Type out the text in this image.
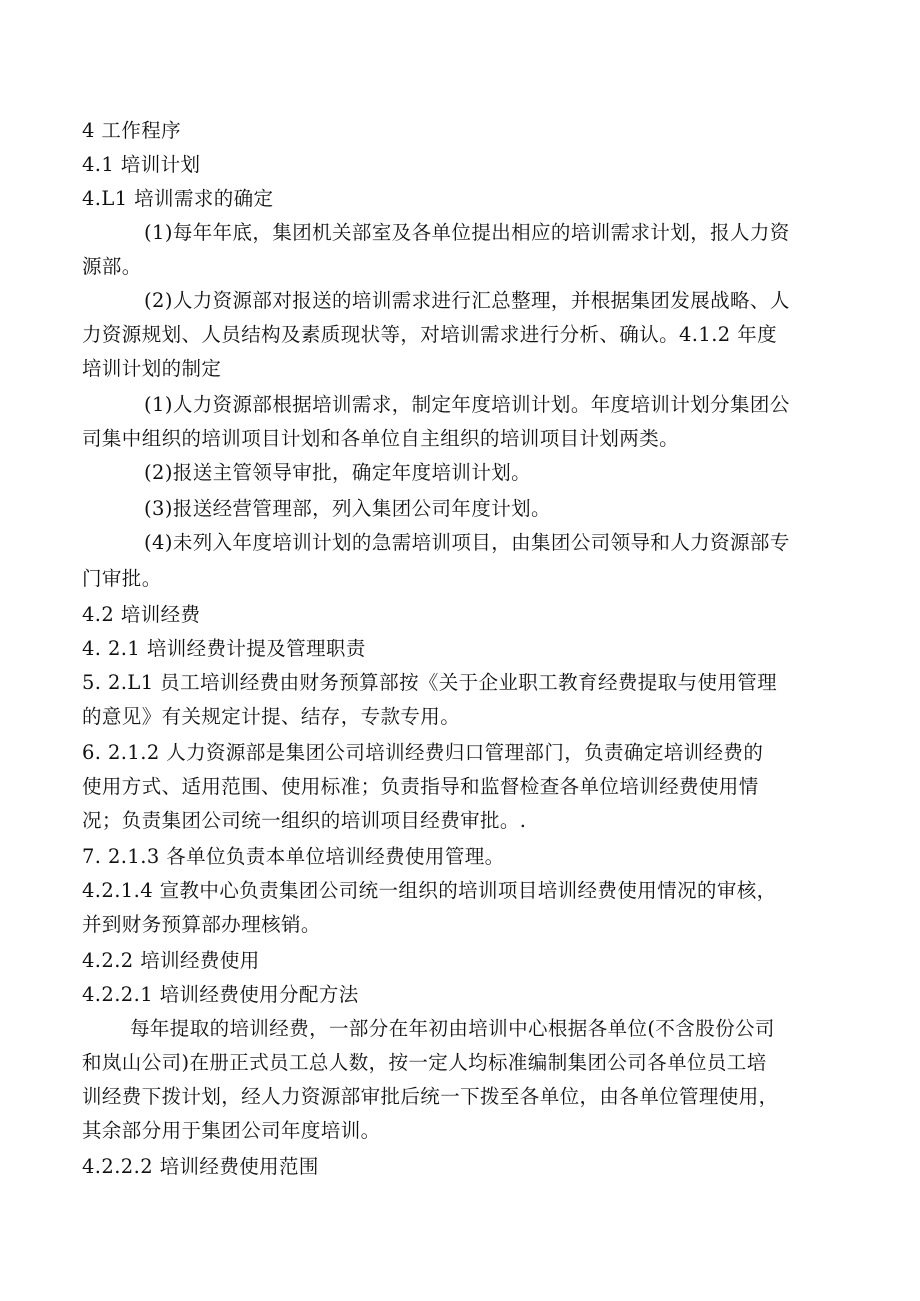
4 工作程序
4.1 培训计划
4.L1 培训需求的确定
(1)每年年底，集团机关部室及各单位提出相应的培训需求计划，报人力资
源部。
(2)人力资源部对报送的培训需求进行汇总整理，并根据集团发展战略、人
力资源规划、人员结构及素质现状等，对培训需求进行分析、确认。4.1.2 年度
培训计划的制定
(1)人力资源部根据培训需求，制定年度培训计划。年度培训计划分集团公
司集中组织的培训项目计划和各单位自主组织的培训项目计划两类。
(2)报送主管领导审批，确定年度培训计划。
(3)报送经营管理部，列入集团公司年度计划。
(4)未列入年度培训计划的急需培训项目，由集团公司领导和人力资源部专
门审批。
4.2 培训经费
4. 2.1 培训经费计提及管理职责
5. 2.L1 员工培训经费由财务预算部按《关于企业职工教育经费提取与使用管理
的意见》有关规定计提、结存，专款专用。
6. 2.1.2 人力资源部是集团公司培训经费归口管理部门，负责确定培训经费的
使用方式、适用范围、使用标准；负责指导和监督检查各单位培训经费使用情
况；负责集团公司统一组织的培训项目经费审批。.
7. 2.1.3 各单位负责本单位培训经费使用管理。
4.2.1.4 宣教中心负责集团公司统一组织的培训项目培训经费使用情况的审核，
并到财务预算部办理核销。
4.2.2 培训经费使用
4.2.2.1 培训经费使用分配方法
每年提取的培训经费，一部分在年初由培训中心根据各单位(不含股份公司
和岚山公司)在册正式员工总人数，按一定人均标准编制集团公司各单位员工培
训经费下拨计划，经人力资源部审批后统一下拨至各单位，由各单位管理使用，
其余部分用于集团公司年度培训。
4.2.2.2 培训经费使用范围
